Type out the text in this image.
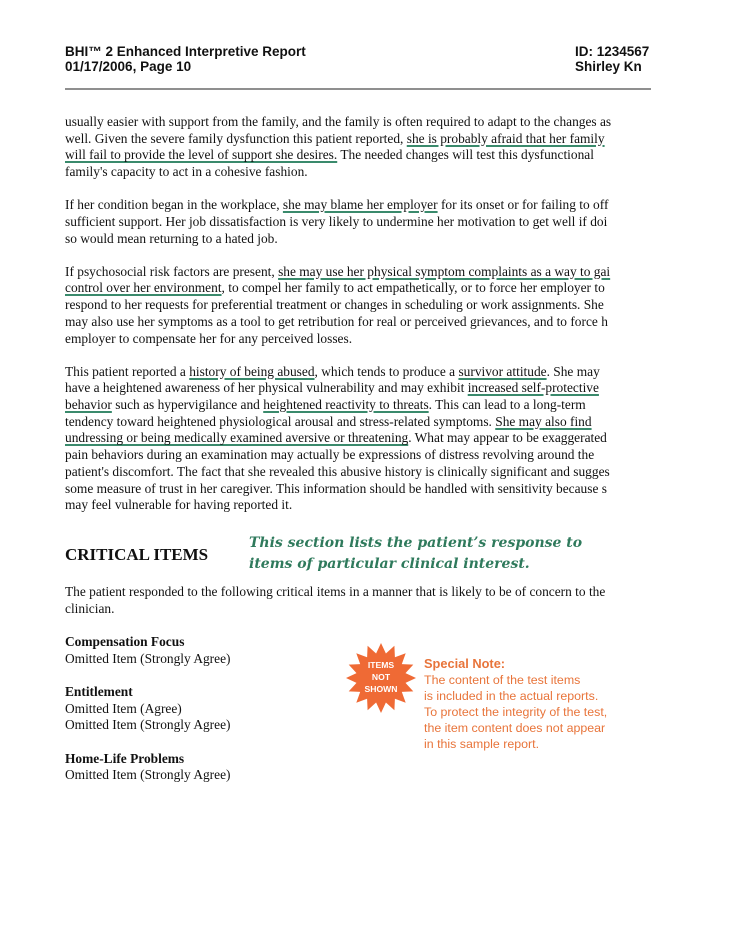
BHI™ 2 Enhanced Interpretive Report
01/17/2006, Page 10
ID: 1234567
Shirley Kn

usually easier with support from the family, and the family is often required to adapt to the changes as
well. Given the severe family dysfunction this patient reported, she is probably afraid that her family
will fail to provide the level of support she desires. The needed changes will test this dysfunctional
family's capacity to act in a cohesive fashion.

If her condition began in the workplace, she may blame her employer for its onset or for failing to off
sufficient support. Her job dissatisfaction is very likely to undermine her motivation to get well if doi
so would mean returning to a hated job.

If psychosocial risk factors are present, she may use her physical symptom complaints as a way to gai
control over her environment, to compel her family to act empathetically, or to force her employer to
respond to her requests for preferential treatment or changes in scheduling or work assignments. She
may also use her symptoms as a tool to get retribution for real or perceived grievances, and to force h
employer to compensate her for any perceived losses.

This patient reported a history of being abused, which tends to produce a survivor attitude. She may
have a heightened awareness of her physical vulnerability and may exhibit increased self-protective
behavior such as hypervigilance and heightened reactivity to threats. This can lead to a long-term
tendency toward heightened physiological arousal and stress-related symptoms. She may also find
undressing or being medically examined aversive or threatening. What may appear to be exaggerated
pain behaviors during an examination may actually be expressions of distress revolving around the
patient's discomfort. The fact that she revealed this abusive history is clinically significant and sugges
some measure of trust in her caregiver. This information should be handled with sensitivity because s
may feel vulnerable for having reported it.

CRITICAL ITEMS
This section lists the patient’s response to
items of particular clinical interest.
The patient responded to the following critical items in a manner that is likely to be of concern to the
clinician.
Compensation Focus
Omitted Item (Strongly Agree)
Entitlement
Omitted Item (Agree)
Omitted Item (Strongly Agree)
Home-Life Problems
Omitted Item (Strongly Agree)
ITEMS
NOT
SHOWN
Special Note:
The content of the test items
is included in the actual reports.
To protect the integrity of the test,
the item content does not appear
in this sample report.
